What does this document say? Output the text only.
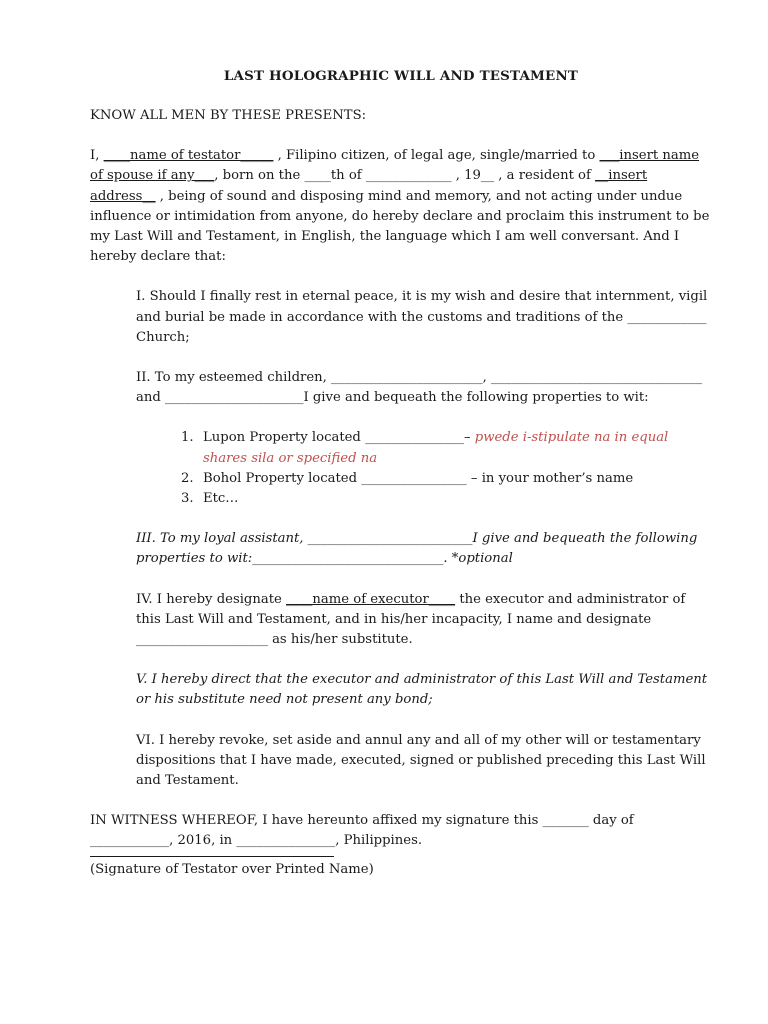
LAST HOLOGRAPHIC WILL AND TESTAMENT

KNOW ALL MEN BY THESE PRESENTS:

I, ____name of testator_____ , Filipino citizen, of legal age, single/married to ___insert name of spouse if any___, born on the ____th of _____________ , 19__ , a resident of __insert address__ , being of sound and disposing mind and memory, and not acting under undue influence or intimidation from anyone, do hereby declare and proclaim this instrument to be my Last Will and Testament, in English, the language which I am well conversant. And I hereby declare that:

I. Should I finally rest in eternal peace, it is my wish and desire that internment, vigil and burial be made in accordance with the customs and traditions of the ____________ Church;

II. To my esteemed children, _______________________, ________________________________ and _____________________I give and bequeath the following properties to wit:

1. Lupon Property located _______________– pwede i-stipulate na in equal shares sila or specified na
2. Bohol Property located ________________ – in your mother’s name
3. Etc…

III. To my loyal assistant, _________________________I give and bequeath the following properties to wit:_____________________________. *optional

IV. I hereby designate ____name of executor____ the executor and administrator of this Last Will and Testament, and in his/her incapacity, I name and designate ____________________ as his/her substitute.

V. I hereby direct that the executor and administrator of this Last Will and Testament or his substitute need not present any bond;

VI. I hereby revoke, set aside and annul any and all of my other will or testamentary dispositions that I have made, executed, signed or published preceding this Last Will and Testament.

IN WITNESS WHEREOF, I have hereunto affixed my signature this _______ day of ____________, 2016, in _______________, Philippines.

(Signature of Testator over Printed Name)
